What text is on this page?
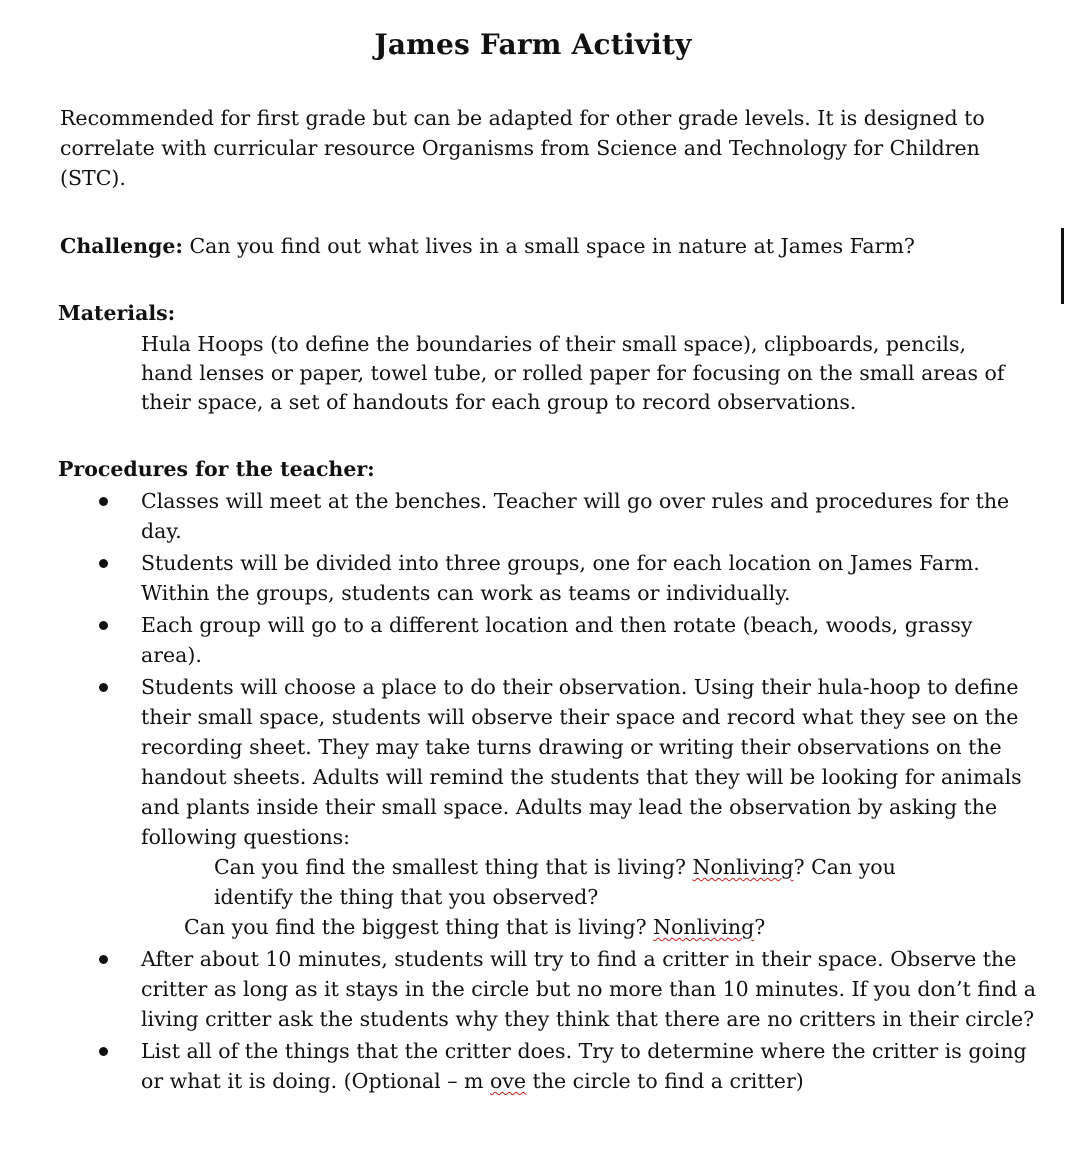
James Farm Activity
Recommended for first grade but can be adapted for other grade levels. It is designed to correlate with curricular resource Organisms from Science and Technology for Children (STC).
Challenge: Can you find out what lives in a small space in nature at James Farm?
Materials:
Hula Hoops (to define the boundaries of their small space), clipboards, pencils, hand lenses or paper, towel tube, or rolled paper for focusing on the small areas of their space, a set of handouts for each group to record observations.
Procedures for the teacher:
Classes will meet at the benches. Teacher will go over rules and procedures for the day.
Students will be divided into three groups, one for each location on James Farm. Within the groups, students can work as teams or individually.
Each group will go to a different location and then rotate (beach, woods, grassy area).
Students will choose a place to do their observation. Using their hula-hoop to define their small space, students will observe their space and record what they see on the recording sheet. They may take turns drawing or writing their observations on the handout sheets. Adults will remind the students that they will be looking for animals and plants inside their small space. Adults may lead the observation by asking the following questions:
Can you find the smallest thing that is living? Nonliving? Can you identify the thing that you observed?
Can you find the biggest thing that is living? Nonliving?
After about 10 minutes, students will try to find a critter in their space. Observe the critter as long as it stays in the circle but no more than 10 minutes. If you don’t find a living critter ask the students why they think that there are no critters in their circle?
List all of the things that the critter does. Try to determine where the critter is going or what it is doing. (Optional – m ove the circle to find a critter)
